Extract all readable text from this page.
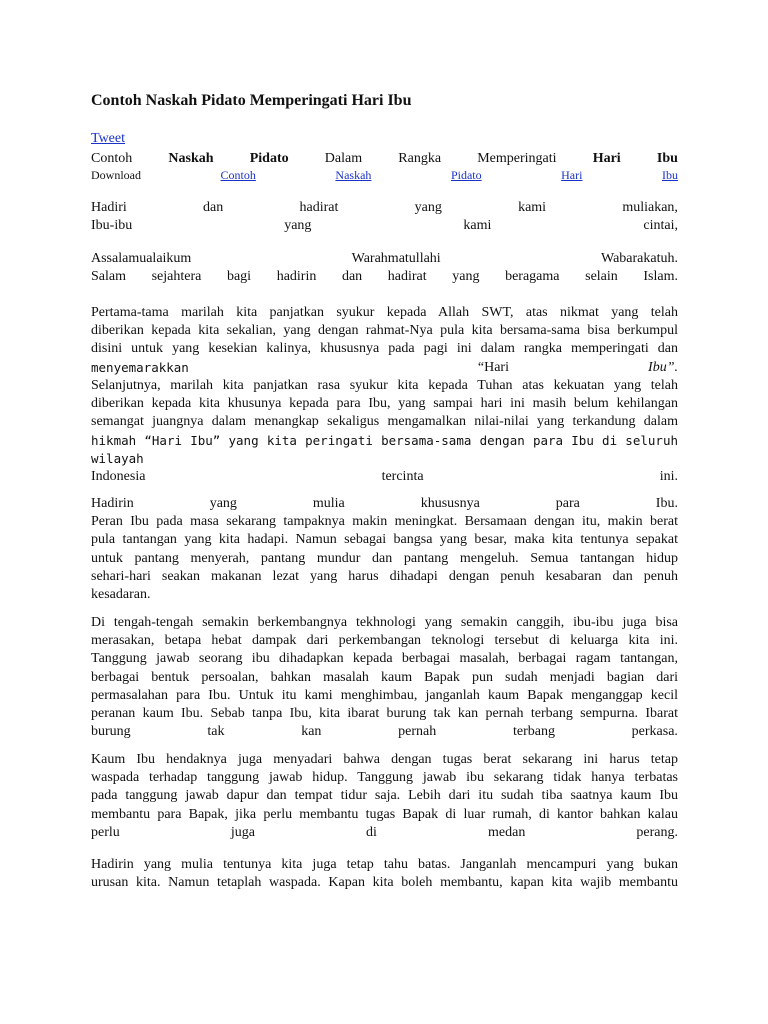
Contoh Naskah Pidato Memperingati Hari Ibu
Tweet
Contoh	Naskah	Pidato	Dalam	Rangka	Memperingati	Hari	Ibu
Download	Contoh	Naskah	Pidato	Hari	Ibu
Hadiri	dan	hadirat	yang	kami	muliakan,
Ibu-ibu	yang	kami	cintai,
Assalamualaikum	Warahmatullahi	Wabarakatuh.
Salam sejahtera bagi hadirin dan hadirat yang beragama selain Islam.
Pertama-tama marilah kita panjatkan syukur kepada Allah SWT, atas nikmat yang telah
diberikan kepada kita sekalian, yang dengan rahmat-Nya pula kita bersama-sama bisa berkumpul
disini untuk yang kesekian kalinya, khususnya pada pagi ini dalam rangka memperingati dan
menyemarakkan	“Hari	Ibu”.
Selanjutnya, marilah kita panjatkan rasa syukur kita kepada Tuhan atas kekuatan yang telah
diberikan kepada kita khusunya kepada para Ibu, yang sampai hari ini masih belum kehilangan
semangat juangnya dalam menangkap sekaligus mengamalkan nilai-nilai yang terkandung dalam
hikmah “Hari Ibu” yang kita peringati bersama-sama dengan para Ibu di seluruh wilayah
Indonesia	tercinta	ini.
Hadirin	yang	mulia	khususnya	para	Ibu.
Peran Ibu pada masa sekarang tampaknya makin meningkat. Bersamaan dengan itu, makin berat
pula tantangan yang kita hadapi. Namun sebagai bangsa yang besar, maka kita tentunya sepakat
untuk pantang menyerah, pantang mundur dan pantang mengeluh. Semua tantangan hidup
sehari-hari seakan makanan lezat yang harus dihadapi dengan penuh kesabaran dan penuh
kesadaran.
Di tengah-tengah semakin berkembangnya tekhnologi yang semakin canggih, ibu-ibu juga bisa
merasakan, betapa hebat dampak dari perkembangan teknologi tersebut di keluarga kita ini.
Tanggung jawab seorang ibu dihadapkan kepada berbagai masalah, berbagai ragam tantangan,
berbagai bentuk persoalan, bahkan masalah kaum Bapak pun sudah menjadi bagian dari
permasalahan para Ibu. Untuk itu kami menghimbau, janganlah kaum Bapak menganggap kecil
peranan kaum Ibu. Sebab tanpa Ibu, kita ibarat burung tak kan pernah terbang sempurna. Ibarat
burung	tak	kan	pernah	terbang	perkasa.
Kaum Ibu hendaknya juga menyadari bahwa dengan tugas berat sekarang ini harus tetap
waspada terhadap tanggung jawab hidup. Tanggung jawab ibu sekarang tidak hanya terbatas
pada tanggung jawab dapur dan tempat tidur saja. Lebih dari itu sudah tiba saatnya kaum Ibu
membantu para Bapak, jika perlu membantu tugas Bapak di luar rumah, di kantor bahkan kalau
perlu	juga	di	medan	perang.
Hadirin yang mulia tentunya kita juga tetap tahu batas. Janganlah mencampuri yang bukan
urusan kita. Namun tetaplah waspada. Kapan kita boleh membantu, kapan kita wajib membantu
